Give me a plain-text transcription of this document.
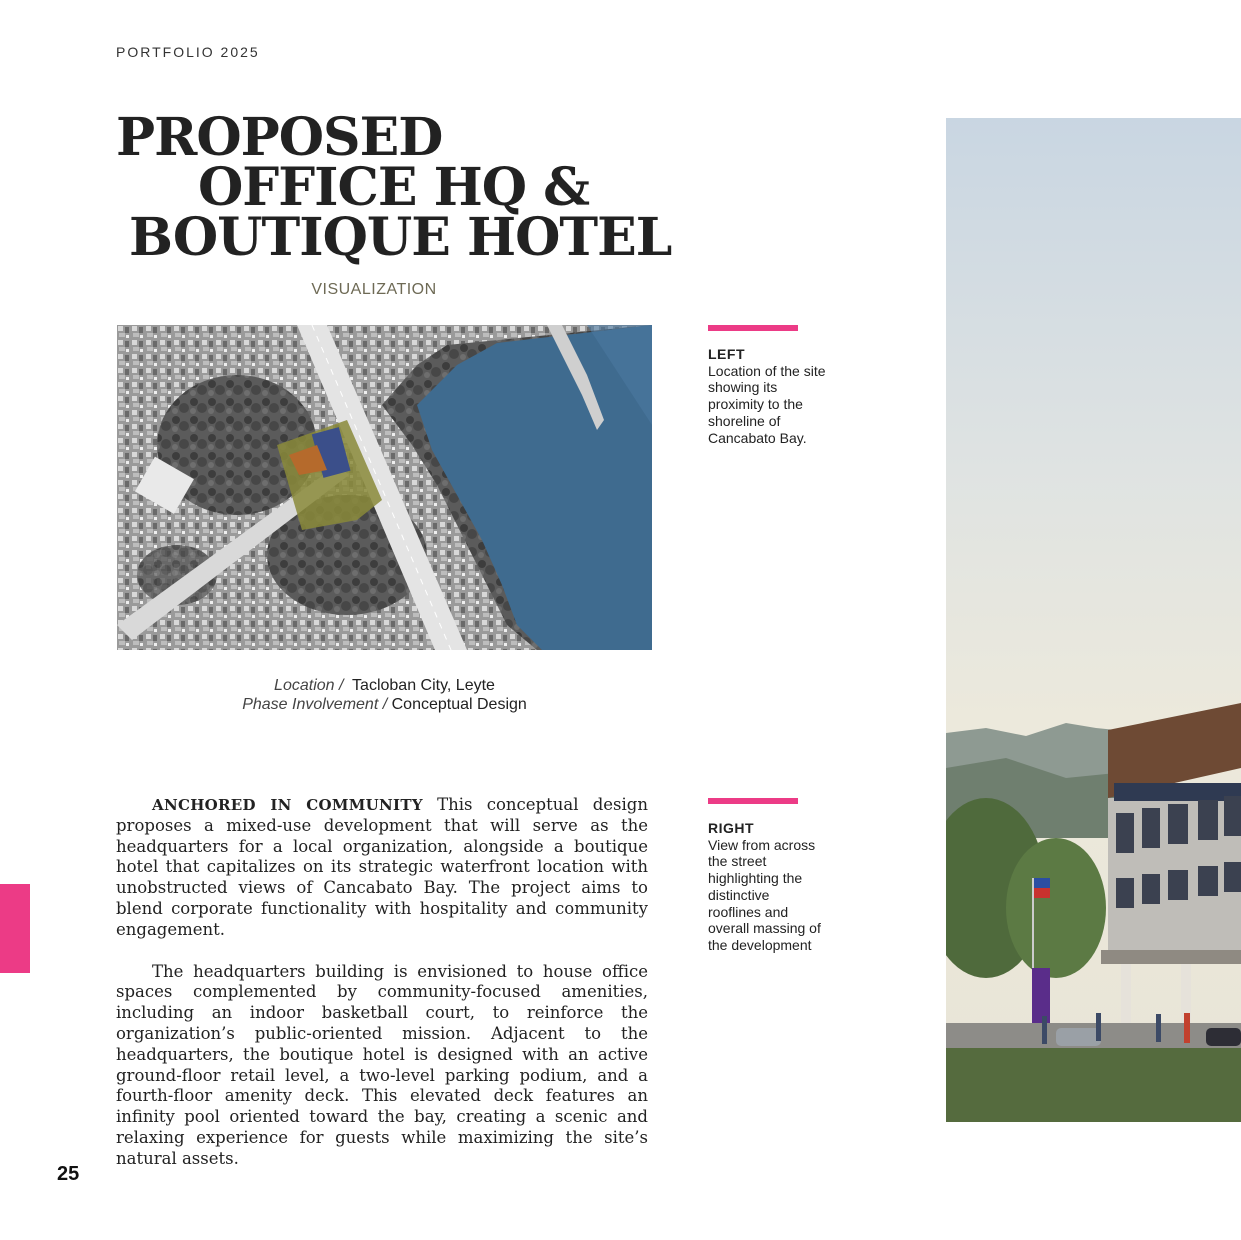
PORTFOLIO 2025
PROPOSED
OFFICE HQ &
BOUTIQUE HOTEL
VISUALIZATION
Location / Tacloban City, Leyte
Phase Involvement / Conceptual Design
LEFT
Location of the site showing its proximity to the shoreline of Cancabato Bay.
RIGHT
View from across the street highlighting the distinctive rooflines and overall massing of the development

ANCHORED IN COMMUNITY This conceptual design proposes a mixed-use development that will serve as the headquarters for a local organization, alongside a boutique hotel that capitalizes on its strategic waterfront location with unobstructed views of Cancabato Bay. The project aims to blend corporate functionality with hospitality and community engagement.

The headquarters building is envisioned to house office spaces complemented by community-focused amenities, including an indoor basketball court, to reinforce the organization’s public-oriented mission. Adjacent to the headquarters, the boutique hotel is designed with an active ground-floor retail level, a two-level parking podium, and a fourth-floor amenity deck. This elevated deck features an infinity pool oriented toward the bay, creating a scenic and relaxing experience for guests while maximizing the site’s natural assets.

25
